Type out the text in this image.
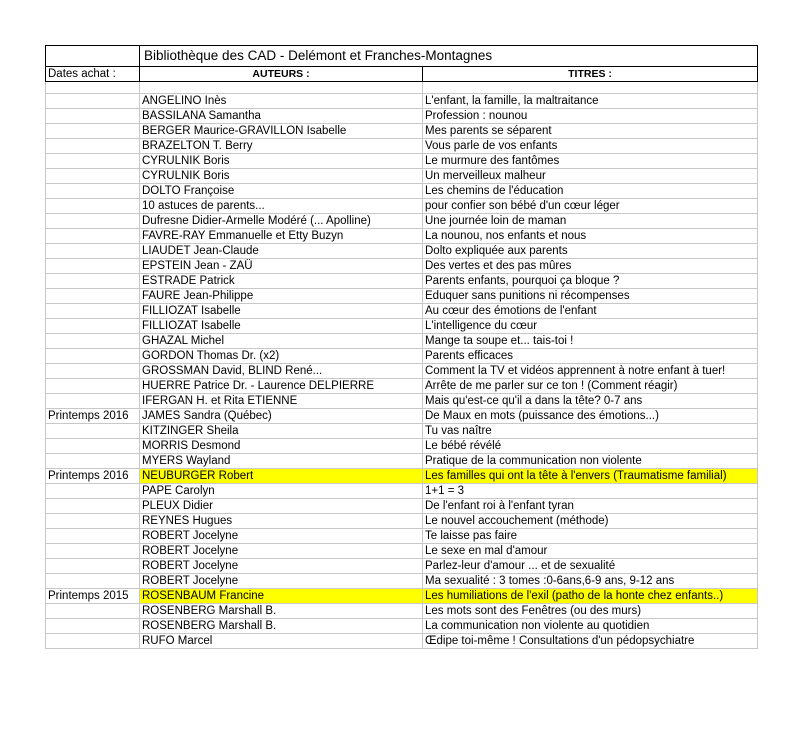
	Bibliothèque des CAD - Delémont et Franches-Montagnes	
Dates achat :	AUTEURS :	TITRES :

	ANGELINO Inès	L'enfant, la famille, la maltraitance
	BASSILANA Samantha	Profession : nounou
	BERGER Maurice-GRAVILLON Isabelle	Mes parents se séparent
	BRAZELTON T. Berry	Vous parle de vos enfants
	CYRULNIK Boris	Le murmure des fantômes
	CYRULNIK Boris	Un merveilleux malheur
	DOLTO Françoise	Les chemins de l'éducation
	10 astuces de parents...	pour confier son bébé d'un cœur léger
	Dufresne Didier-Armelle Modéré (... Apolline)	Une journée loin de maman
	FAVRE-RAY Emmanuelle et Etty Buzyn	La nounou, nos enfants et nous
	LIAUDET Jean-Claude	Dolto expliquée aux parents
	EPSTEIN Jean - ZAÜ	Des vertes et des pas mûres
	ESTRADE Patrick	Parents enfants, pourquoi ça bloque ?
	FAURE Jean-Philippe	Eduquer sans punitions ni récompenses
	FILLIOZAT Isabelle	Au cœur des émotions de l'enfant
	FILLIOZAT Isabelle	L'intelligence du cœur
	GHAZAL Michel	Mange ta soupe et... tais-toi !
	GORDON Thomas Dr. (x2)	Parents efficaces
	GROSSMAN David, BLIND René...	Comment la TV et vidéos apprennent à notre enfant à tuer!
	HUERRE Patrice Dr. - Laurence DELPIERRE	Arrête de me parler sur ce ton ! (Comment réagir)
	IFERGAN H. et Rita ETIENNE	Mais qu'est-ce qu'il a dans la tête? 0-7 ans
Printemps 2016	JAMES Sandra (Québec)	De Maux en mots (puissance des émotions...)
	KITZINGER Sheila	Tu vas naître
	MORRIS Desmond	Le bébé révélé
	MYERS Wayland	Pratique de la communication non violente
Printemps 2016	NEUBURGER Robert	Les familles qui ont la tête à l'envers (Traumatisme familial)
	PAPE Carolyn	1+1 = 3
	PLEUX Didier	De l'enfant roi à l'enfant tyran
	REYNES Hugues	Le nouvel accouchement (méthode)
	ROBERT Jocelyne	Te laisse pas faire
	ROBERT Jocelyne	Le sexe en mal d'amour
	ROBERT Jocelyne	Parlez-leur d'amour ... et de sexualité
	ROBERT Jocelyne	Ma sexualité : 3 tomes :0-6ans,6-9 ans, 9-12 ans
Printemps 2015	ROSENBAUM Francine	Les humiliations de l'exil (patho de la honte chez enfants..)
	ROSENBERG Marshall B.	Les mots sont des Fenêtres (ou des murs)
	ROSENBERG Marshall B.	La communication non violente au quotidien
	RUFO Marcel	Œdipe toi-même ! Consultations d'un pédopsychiatre
